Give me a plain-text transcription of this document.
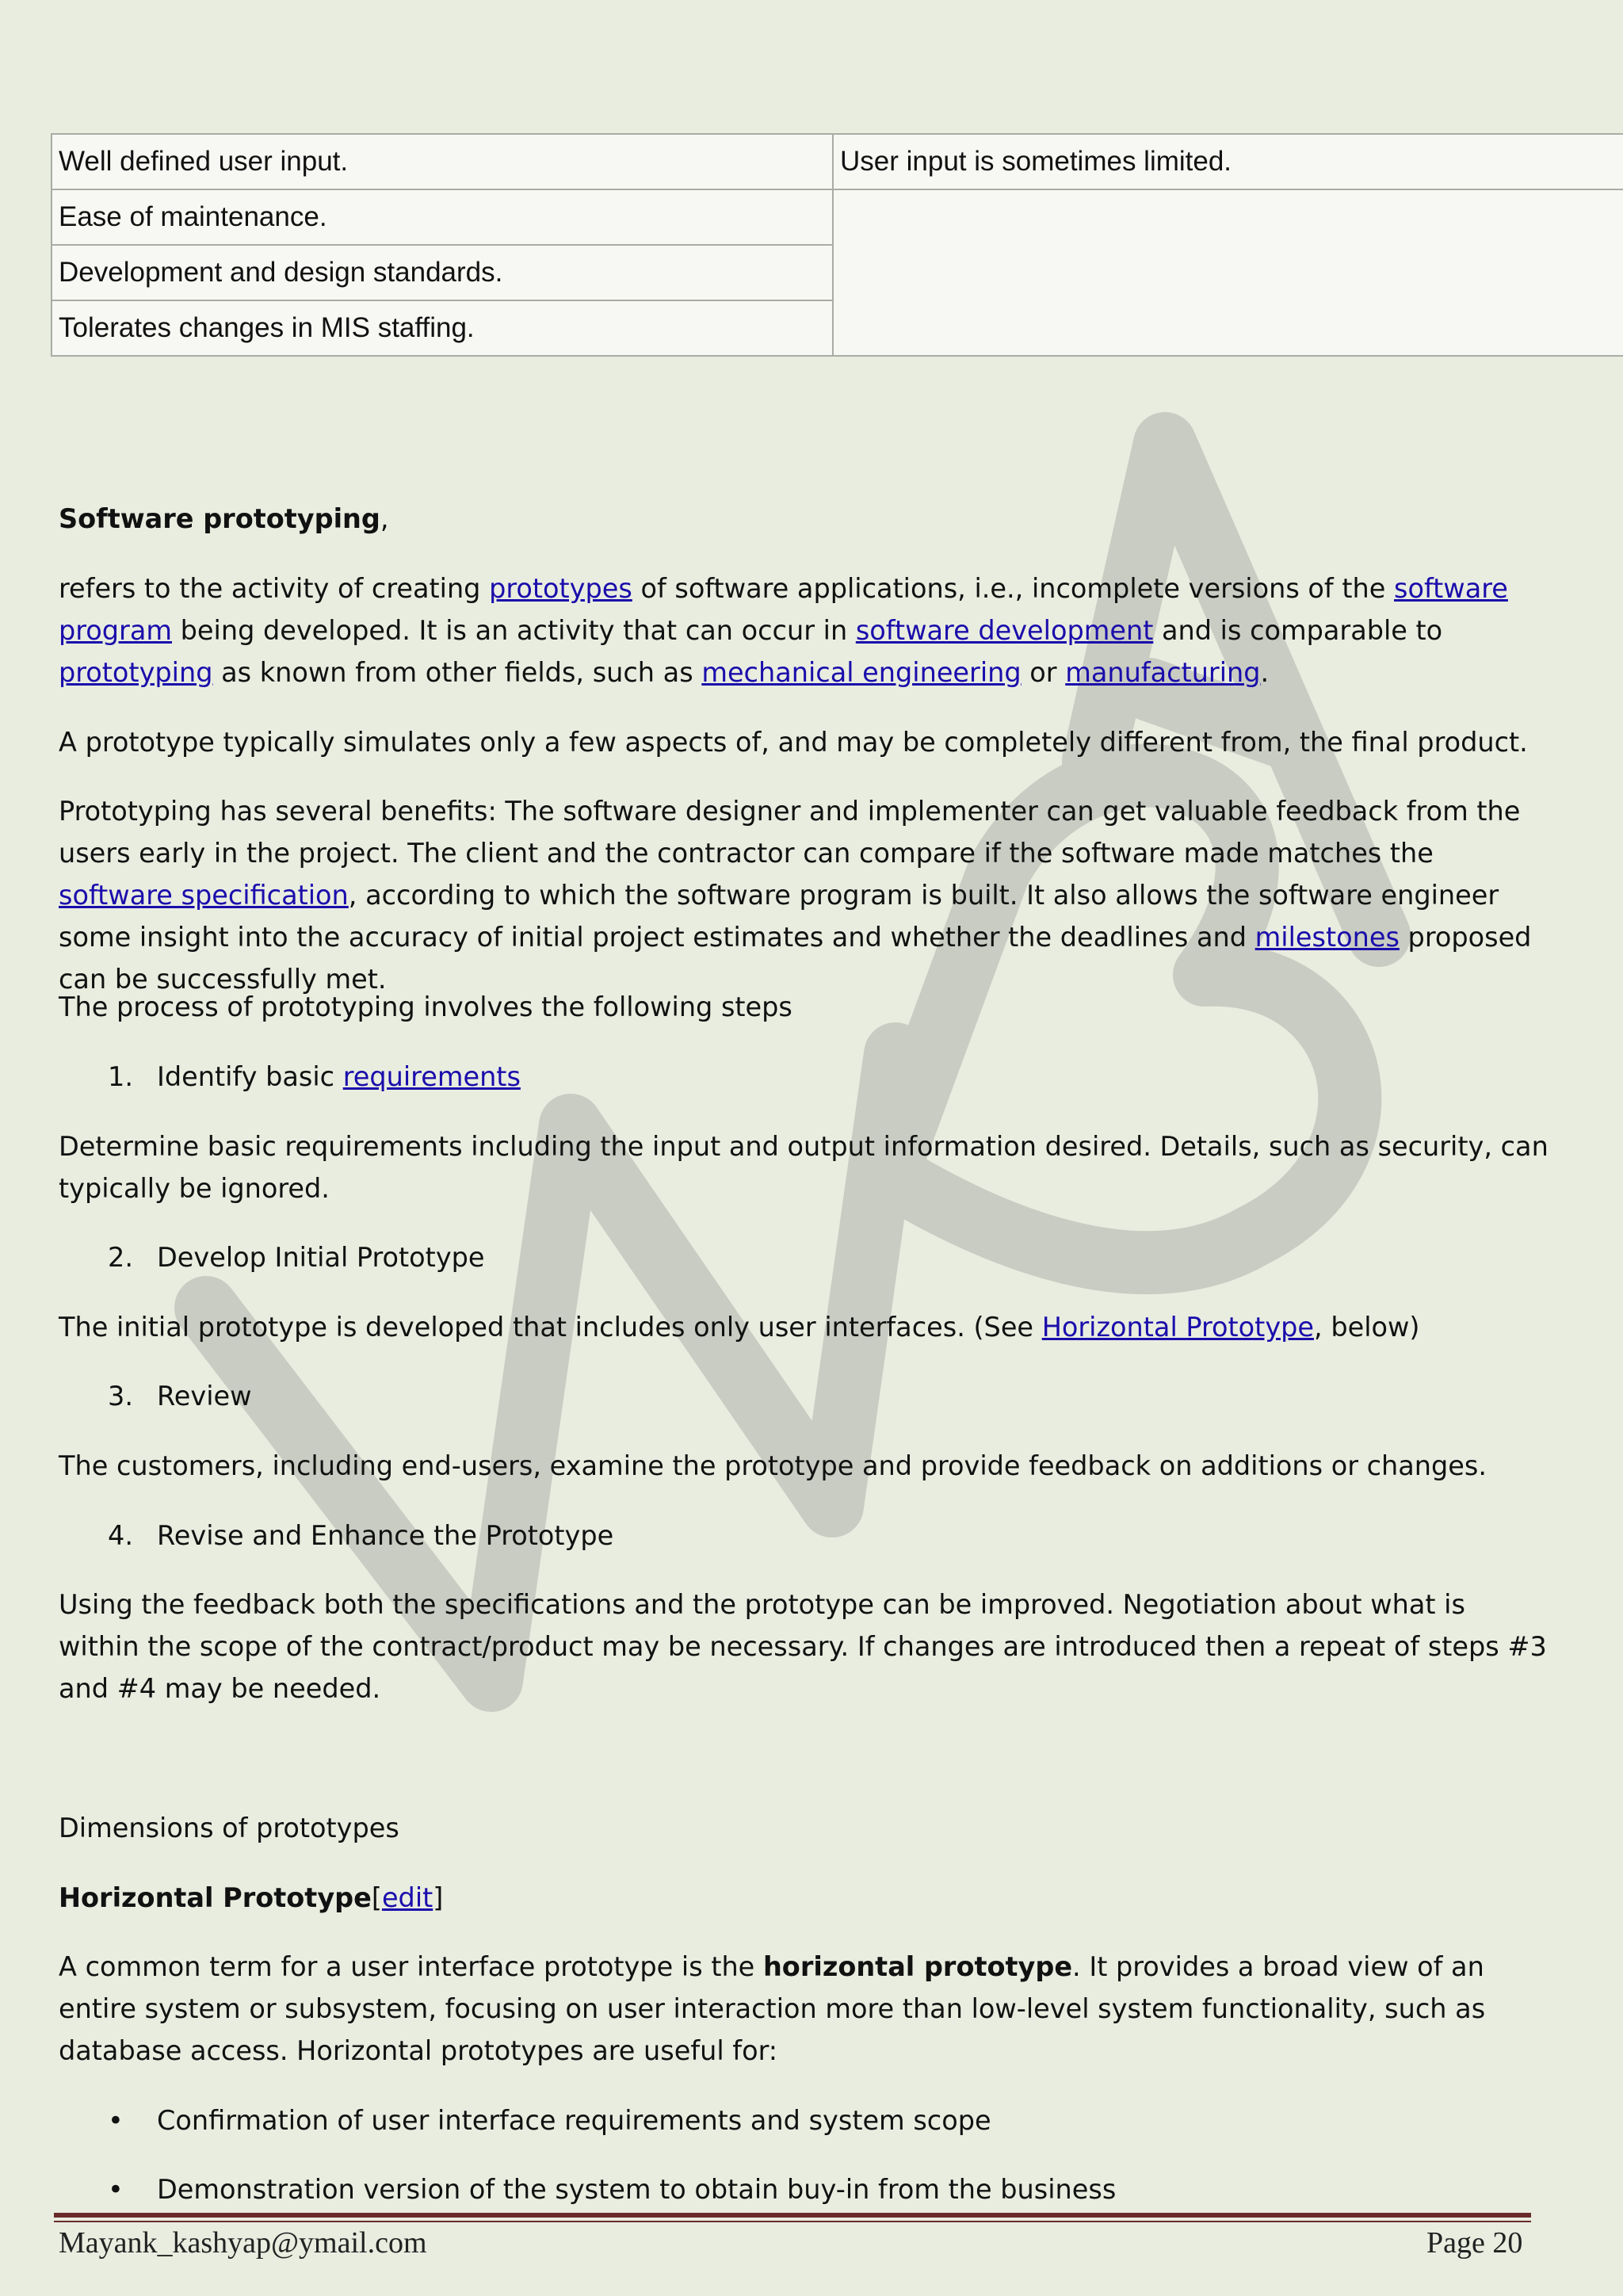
MBA
Well defined user input.	User input is sometimes limited.
Ease of maintenance.	
Development and design standards.	
Tolerates changes in MIS staffing.	

Software prototyping,

refers to the activity of creating prototypes of software applications, i.e., incomplete versions of the software program being developed. It is an activity that can occur in software development and is comparable to prototyping as known from other fields, such as mechanical engineering or manufacturing.

A prototype typically simulates only a few aspects of, and may be completely different from, the final product.

Prototyping has several benefits: The software designer and implementer can get valuable feedback from the users early in the project. The client and the contractor can compare if the software made matches the software specification, according to which the software program is built. It also allows the software engineer some insight into the accuracy of initial project estimates and whether the deadlines and milestones proposed can be successfully met.

The process of prototyping involves the following steps

1. Identify basic requirements

Determine basic requirements including the input and output information desired. Details, such as security, can typically be ignored.

2. Develop Initial Prototype

The initial prototype is developed that includes only user interfaces. (See Horizontal Prototype, below)

3. Review

The customers, including end-users, examine the prototype and provide feedback on additions or changes.

4. Revise and Enhance the Prototype

Using the feedback both the specifications and the prototype can be improved. Negotiation about what is within the scope of the contract/product may be necessary. If changes are introduced then a repeat of steps #3 and #4 may be needed.

Dimensions of prototypes

Horizontal Prototype[edit]

A common term for a user interface prototype is the horizontal prototype. It provides a broad view of an entire system or subsystem, focusing on user interaction more than low-level system functionality, such as database access. Horizontal prototypes are useful for:

• Confirmation of user interface requirements and system scope
• Demonstration version of the system to obtain buy-in from the business
Mayank_kashyap@ymail.com	Page 20
